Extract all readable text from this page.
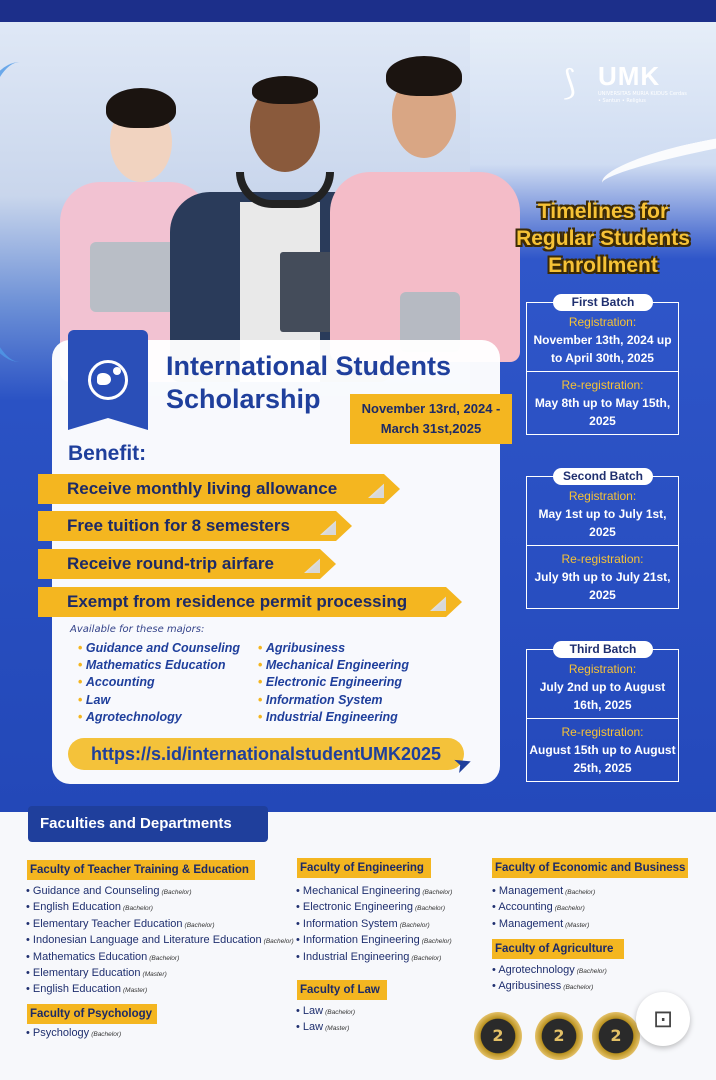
⟆ UMK
UNIVERSITAS MURIA KUDUS Cerdas • Santun • Religius
Timelines for Regular Students Enrollment
First Batch
Registration:
November 13th, 2024 up to April 30th, 2025
Re-registration:
May 8th up to May 15th, 2025
Second Batch
Registration:
May 1st up to July 1st, 2025
Re-registration:
July 9th up to July 21st, 2025
Third Batch
Registration:
July 2nd up to August 16th, 2025
Re-registration:
August 15th up to August 25th, 2025
International Students Scholarship	November 13rd, 2024 - March 31st,2025
Benefit:
Receive monthly living allowance
Free tuition for 8 semesters
Receive round-trip airfare
Exempt from residence permit processing
Available for these majors:
• Guidance and Counseling
• Mathematics Education
• Accounting
• Law
• Agrotechnology
• Agribusiness
• Mechanical Engineering
• Electronic Engineering
• Information System
• Industrial Engineering
https://s.id/internationalstudentUMK2025 ➤
Faculties and Departments
Faculty of Teacher Training & Education
• Guidance and Counseling (Bachelor)
• English Education (Bachelor)
• Elementary Teacher Education (Bachelor)
• Indonesian Language and Literature Education (Bachelor)
• Mathematics Education (Bachelor)
• Elementary Education (Master)
• English Education (Master)
Faculty of Psychology
• Psychology (Bachelor)
Faculty of Engineering
• Mechanical Engineering (Bachelor)
• Electronic Engineering (Bachelor)
• Information System (Bachelor)
• Information Engineering (Bachelor)
• Industrial Engineering (Bachelor)
Faculty of Law
• Law (Bachelor)
• Law (Master)
Faculty of Economic and Business
• Management (Bachelor)
• Accounting (Bachelor)
• Management (Master)
Faculty of Agriculture
• Agrotechnology (Bachelor)
• Agribusiness (Bachelor)
2	2	2
⊡
